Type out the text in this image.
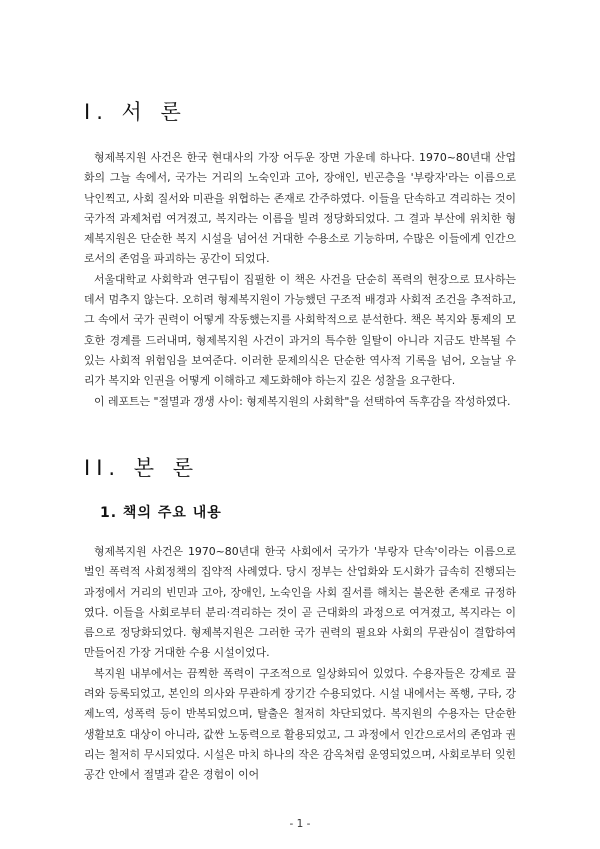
I. 서 론

형제복지원 사건은 한국 현대사의 가장 어두운 장면 가운데 하나다. 1970~80년대 산업화의 그늘 속에서, 국가는 거리의 노숙인과 고아, 장애인, 빈곤층을 '부랑자'라는 이름으로 낙인찍고, 사회 질서와 미관을 위협하는 존재로 간주하였다. 이들을 단속하고 격리하는 것이 국가적 과제처럼 여겨졌고, 복지라는 이름을 빌려 정당화되었다. 그 결과 부산에 위치한 형제복지원은 단순한 복지 시설을 넘어선 거대한 수용소로 기능하며, 수많은 이들에게 인간으로서의 존엄을 파괴하는 공간이 되었다.

서울대학교 사회학과 연구팀이 집필한 이 책은 사건을 단순히 폭력의 현장으로 묘사하는 데서 멈추지 않는다. 오히려 형제복지원이 가능했던 구조적 배경과 사회적 조건을 추적하고, 그 속에서 국가 권력이 어떻게 작동했는지를 사회학적으로 분석한다. 책은 복지와 통제의 모호한 경계를 드러내며, 형제복지원 사건이 과거의 특수한 일탈이 아니라 지금도 반복될 수 있는 사회적 위험임을 보여준다. 이러한 문제의식은 단순한 역사적 기록을 넘어, 오늘날 우리가 복지와 인권을 어떻게 이해하고 제도화해야 하는지 깊은 성찰을 요구한다.

이 레포트는 "절멸과 갱생 사이: 형제복지원의 사회학"을 선택하여 독후감을 작성하였다.

II. 본 론
1. 책의 주요 내용

형제복지원 사건은 1970~80년대 한국 사회에서 국가가 '부랑자 단속'이라는 이름으로 벌인 폭력적 사회정책의 집약적 사례였다. 당시 정부는 산업화와 도시화가 급속히 진행되는 과정에서 거리의 빈민과 고아, 장애인, 노숙인을 사회 질서를 해치는 불온한 존재로 규정하였다. 이들을 사회로부터 분리·격리하는 것이 곧 근대화의 과정으로 여겨졌고, 복지라는 이름으로 정당화되었다. 형제복지원은 그러한 국가 권력의 필요와 사회의 무관심이 결합하여 만들어진 가장 거대한 수용 시설이었다.

복지원 내부에서는 끔찍한 폭력이 구조적으로 일상화되어 있었다. 수용자들은 강제로 끌려와 등록되었고, 본인의 의사와 무관하게 장기간 수용되었다. 시설 내에서는 폭행, 구타, 강제노역, 성폭력 등이 반복되었으며, 탈출은 철저히 차단되었다. 복지원의 수용자는 단순한 생활보호 대상이 아니라, 값싼 노동력으로 활용되었고, 그 과정에서 인간으로서의 존엄과 권리는 철저히 무시되었다. 시설은 마치 하나의 작은 감옥처럼 운영되었으며, 사회로부터 잊힌 공간 안에서 절멸과 같은 경험이 이어

- 1 -
